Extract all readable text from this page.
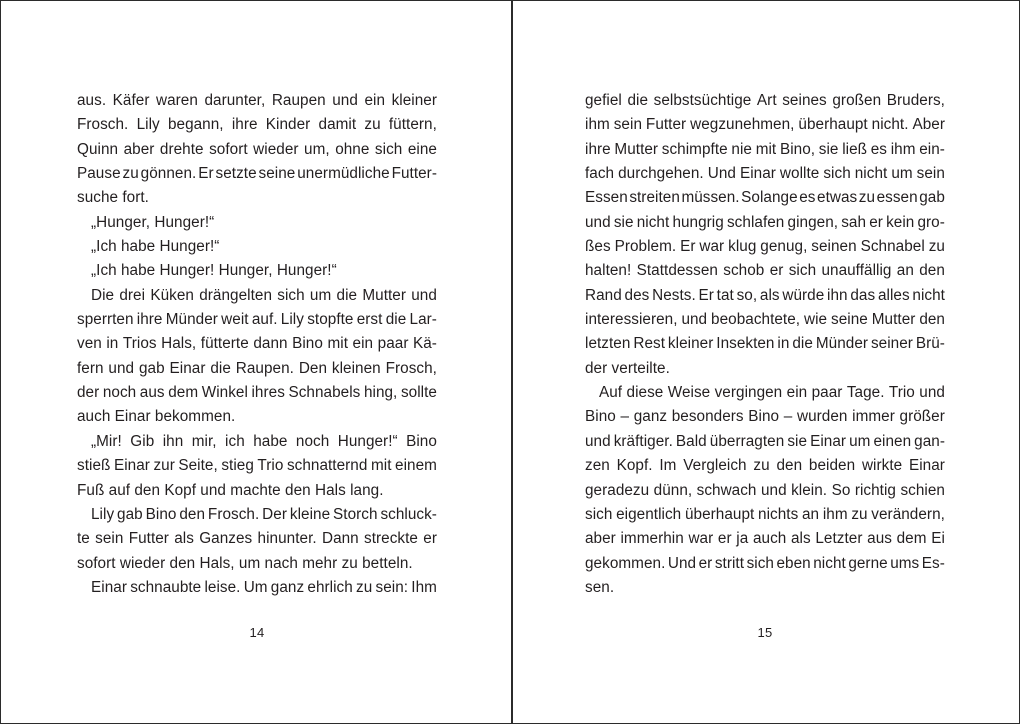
aus. Käfer waren darunter, Raupen und ein kleiner
Frosch. Lily begann, ihre Kinder damit zu füttern,
Quinn aber drehte sofort wieder um, ohne sich eine
Pause zu gönnen. Er setzte seine unermüdliche Futter-
suche fort.
„Hunger, Hunger!“
„Ich habe Hunger!“
„Ich habe Hunger! Hunger, Hunger!“
Die drei Küken drängelten sich um die Mutter und
sperrten ihre Münder weit auf. Lily stopfte erst die Lar-
ven in Trios Hals, fütterte dann Bino mit ein paar Kä-
fern und gab Einar die Raupen. Den kleinen Frosch,
der noch aus dem Winkel ihres Schnabels hing, sollte
auch Einar bekommen.
„Mir! Gib ihn mir, ich habe noch Hunger!“ Bino
stieß Einar zur Seite, stieg Trio schnatternd mit einem
Fuß auf den Kopf und machte den Hals lang.
Lily gab Bino den Frosch. Der kleine Storch schluck-
te sein Futter als Ganzes hinunter. Dann streckte er
sofort wieder den Hals, um nach mehr zu betteln.
Einar schnaubte leise. Um ganz ehrlich zu sein: Ihm
14
gefiel die selbstsüchtige Art seines großen Bruders,
ihm sein Futter wegzunehmen, überhaupt nicht. Aber
ihre Mutter schimpfte nie mit Bino, sie ließ es ihm ein-
fach durchgehen. Und Einar wollte sich nicht um sein
Essen streiten müssen. Solange es etwas zu essen gab
und sie nicht hungrig schlafen gingen, sah er kein gro-
ßes Problem. Er war klug genug, seinen Schnabel zu
halten! Stattdessen schob er sich unauffällig an den
Rand des Nests. Er tat so, als würde ihn das alles nicht
interessieren, und beobachtete, wie seine Mutter den
letzten Rest kleiner Insekten in die Münder seiner Brü-
der verteilte.
Auf diese Weise vergingen ein paar Tage. Trio und
Bino – ganz besonders Bino – wurden immer größer
und kräftiger. Bald überragten sie Einar um einen gan-
zen Kopf. Im Vergleich zu den beiden wirkte Einar
geradezu dünn, schwach und klein. So richtig schien
sich eigentlich überhaupt nichts an ihm zu verändern,
aber immerhin war er ja auch als Letzter aus dem Ei
gekommen. Und er stritt sich eben nicht gerne ums Es-
sen.
15
